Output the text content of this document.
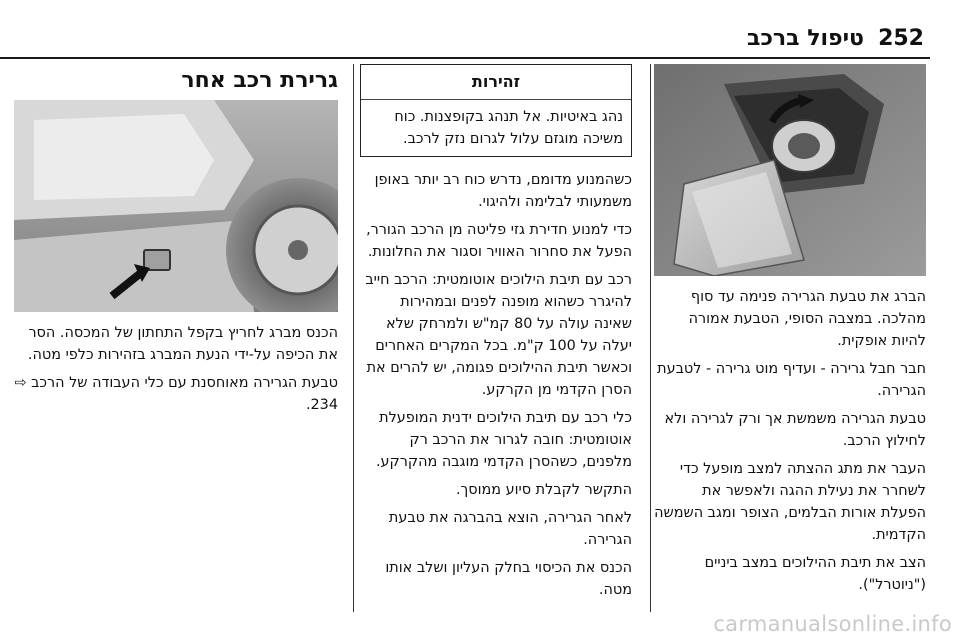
252
טיפול ברכב

הברג את טבעת הגרירה פנימה עד סוף מהלכה. במצבה הסופי, הטבעת אמורה להיות אופקית.

חבר חבל גרירה - ועדיף מוט גרירה - לטבעת הגרירה.

טבעת הגרירה משמשת אך ורק לגרירה ולא לחילוץ הרכב.

העבר את מתג ההצתה למצב מופעל כדי לשחרר את נעילת ההגה ולאפשר את הפעלת אורות הבלמים, הצופר ומגב השמשה הקדמית.

הצב את תיבת ההילוכים במצב ביניים ("ניוטרל").

זהירות
נהג באיטיות. אל תנהג בקופצנות. כוח משיכה מוגזם עלול לגרום נזק לרכב.

כשהמנוע מדומם, נדרש כוח רב יותר באופן משמעותי לבלימה ולהיגוי.

כדי למנוע חדירת גזי פליטה מן הרכב הגורר, הפעל את סחרור האוויר וסגור את החלונות.

רכב עם תיבת הילוכים אוטומטית: הרכב חייב להיגרר כשהוא מופנה לפנים ובמהירות שאינה עולה על 80 קמ"ש ולמרחק שלא יעלה על 100 ק"מ. בכל המקרים האחרים וכאשר תיבת ההילוכים פגומה, יש להרים את הסרן הקדמי מן הקרקע.

כלי רכב עם תיבת הילוכים ידנית המופעלת אוטומטית: חובה לגרור את הרכב רק מלפנים, כשהסרן הקדמי מוגבה מהקרקע.

התקשר לקבלת סיוע ממוסך.

לאחר הגרירה, הוצא בהברגה את טבעת הגרירה.

הכנס את הכיסוי בחלק העליון ושלב אותו מטה.

גרירת רכב אחר

הכנס מברג לחריץ בקפל התחתון של המכסה. הסר את הכיפה על-ידי הנעת המברג בזהירות כלפי מטה.

טבעת הגרירה מאוחסנת עם כלי העבודה של הרכב ⇨ 234.

carmanualsonline.info
